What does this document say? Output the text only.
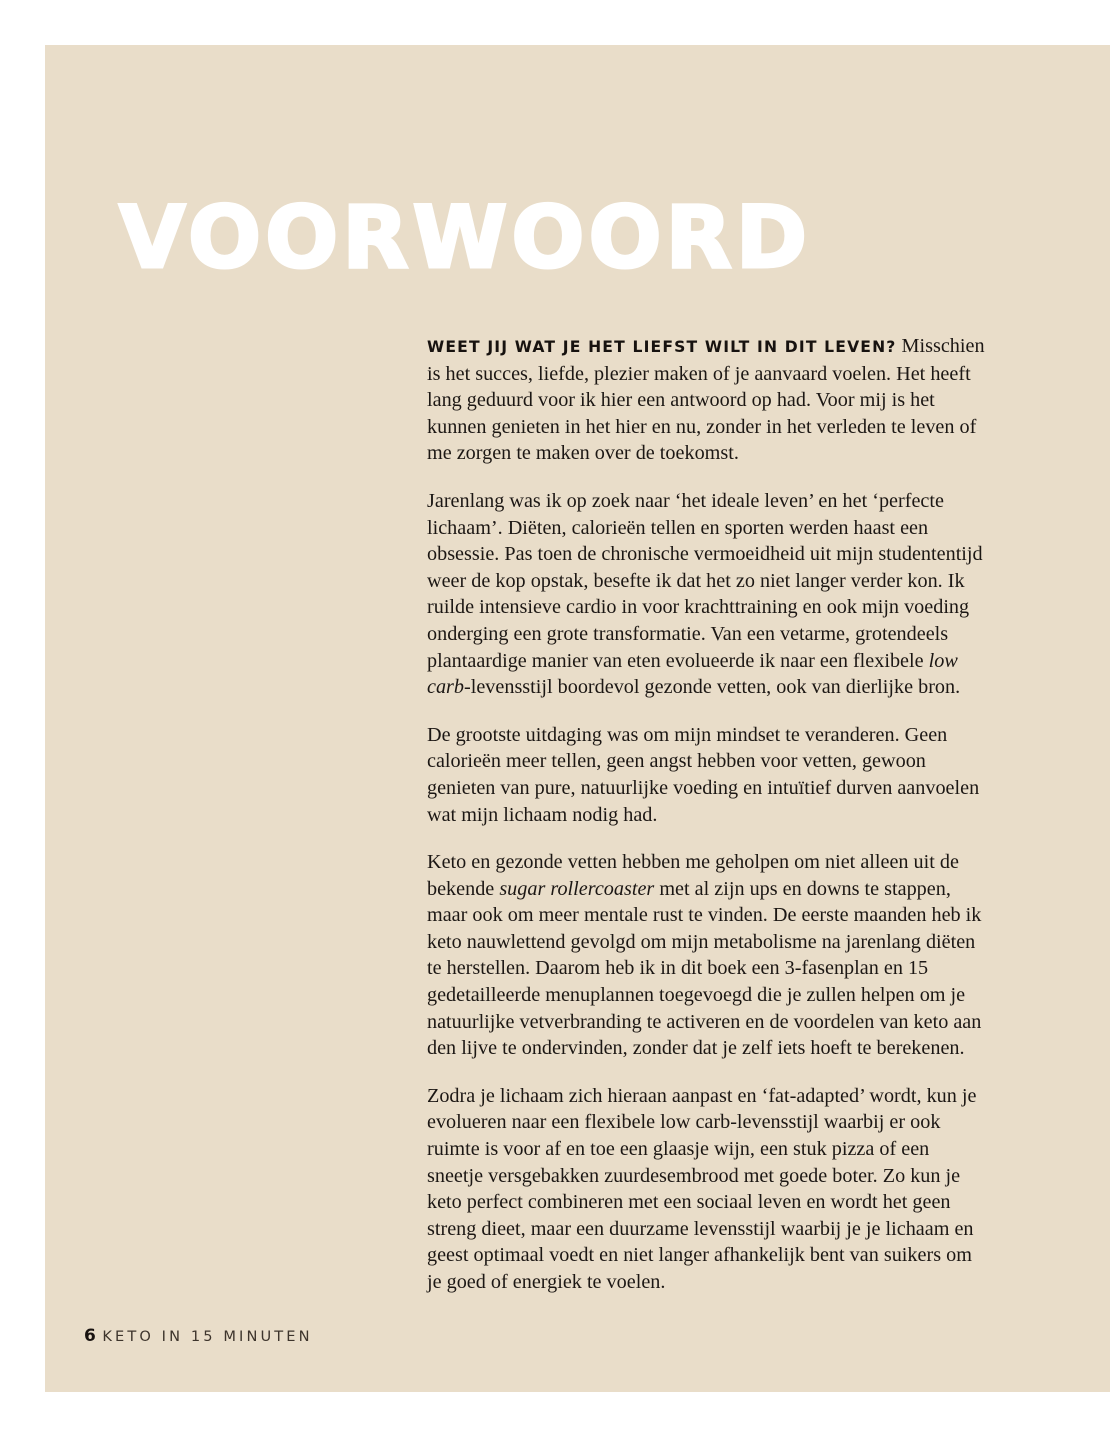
VOORWOORD

WEET JIJ WAT JE HET LIEFST WILT IN DIT LEVEN? Misschien is het succes, liefde, plezier maken of je aanvaard voelen. Het heeft lang geduurd voor ik hier een antwoord op had. Voor mij is het kunnen genieten in het hier en nu, zonder in het verleden te leven of me zorgen te maken over de toekomst.

Jarenlang was ik op zoek naar ‘het ideale leven’ en het ‘perfecte lichaam’. Diëten, calorieën tellen en sporten werden haast een obsessie. Pas toen de chronische vermoeidheid uit mijn studententijd weer de kop opstak, besefte ik dat het zo niet langer verder kon. Ik ruilde intensieve cardio in voor krachttraining en ook mijn voeding onderging een grote transformatie. Van een vetarme, grotendeels plantaardige manier van eten evolueerde ik naar een flexibele low carb-levensstijl boordevol gezonde vetten, ook van dierlijke bron.

De grootste uitdaging was om mijn mindset te veranderen. Geen calorieën meer tellen, geen angst hebben voor vetten, gewoon genieten van pure, natuurlijke voeding en intuïtief durven aanvoelen wat mijn lichaam nodig had.

Keto en gezonde vetten hebben me geholpen om niet alleen uit de bekende sugar rollercoaster met al zijn ups en downs te stappen, maar ook om meer mentale rust te vinden. De eerste maanden heb ik keto nauwlettend gevolgd om mijn metabolisme na jarenlang diëten te herstellen. Daarom heb ik in dit boek een 3-fasenplan en 15 gedetailleerde menuplannen toegevoegd die je zullen helpen om je natuurlijke vetverbranding te activeren en de voordelen van keto aan den lijve te ondervinden, zonder dat je zelf iets hoeft te berekenen.

Zodra je lichaam zich hieraan aanpast en ‘fat-adapted’ wordt, kun je evolueren naar een flexibele low carb-levensstijl waarbij er ook ruimte is voor af en toe een glaasje wijn, een stuk pizza of een sneetje versgebakken zuurdesembrood met goede boter. Zo kun je keto perfect combineren met een sociaal leven en wordt het geen streng dieet, maar een duurzame levensstijl waarbij je je lichaam en geest optimaal voedt en niet langer afhankelijk bent van suikers om je goed of energiek te voelen.

6 KETO IN 15 MINUTEN
